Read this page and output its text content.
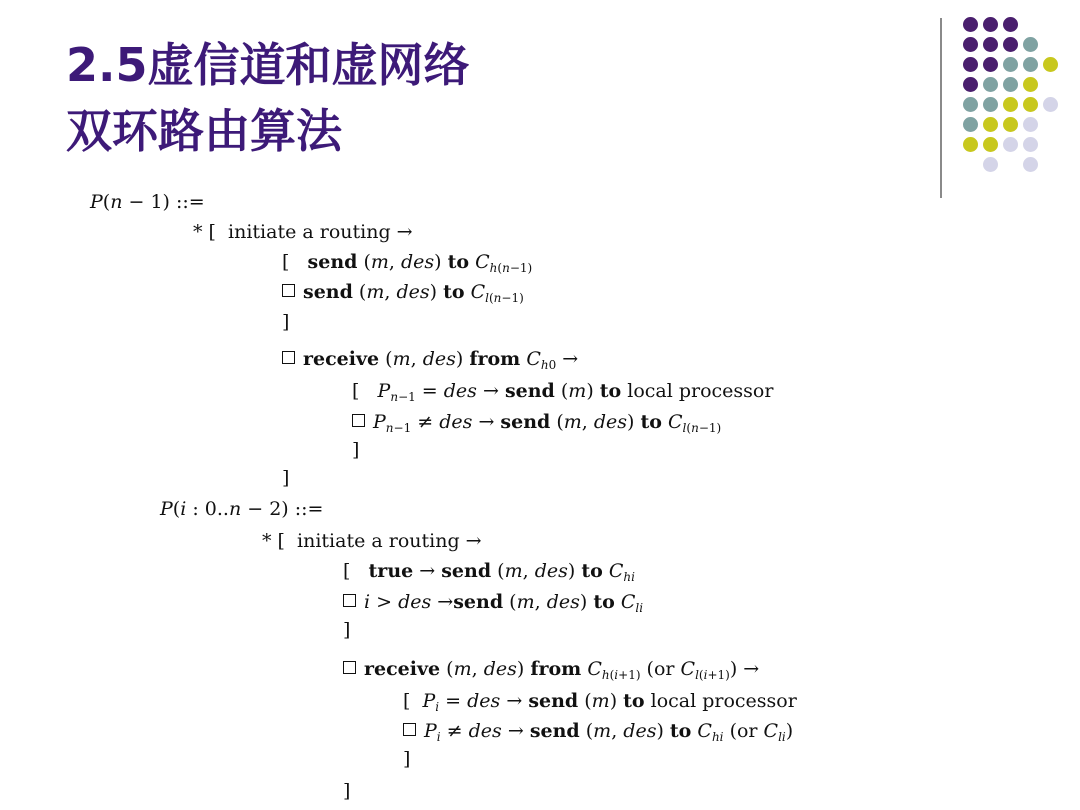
2.5虚信道和虚网络
双环路由算法
P(n − 1) ::=
* [  initiate a routing →
[   send (m, des) to $C_{h(n-1)}$
send (m, des) to $C_{l(n-1)}$
]
receive (m, des) from $C_{h0}$ →
[   $P_{n-1}$ = des → send (m) to local processor
$P_{n-1}$ ≠ des → send (m, des) to $C_{l(n-1)}$
]
]
P(i : 0..n − 2) ::=
* [  initiate a routing →
[   true → send (m, des) to $C_{hi}$
i > des →send (m, des) to $C_{li}$
]
receive (m, des) from $C_{h(i+1)}$ (or $C_{l(i+1)}$) →
[  $P_i$ = des → send (m) to local processor
$P_i$ ≠ des → send (m, des) to $C_{hi}$ (or $C_{li}$)
]
]
